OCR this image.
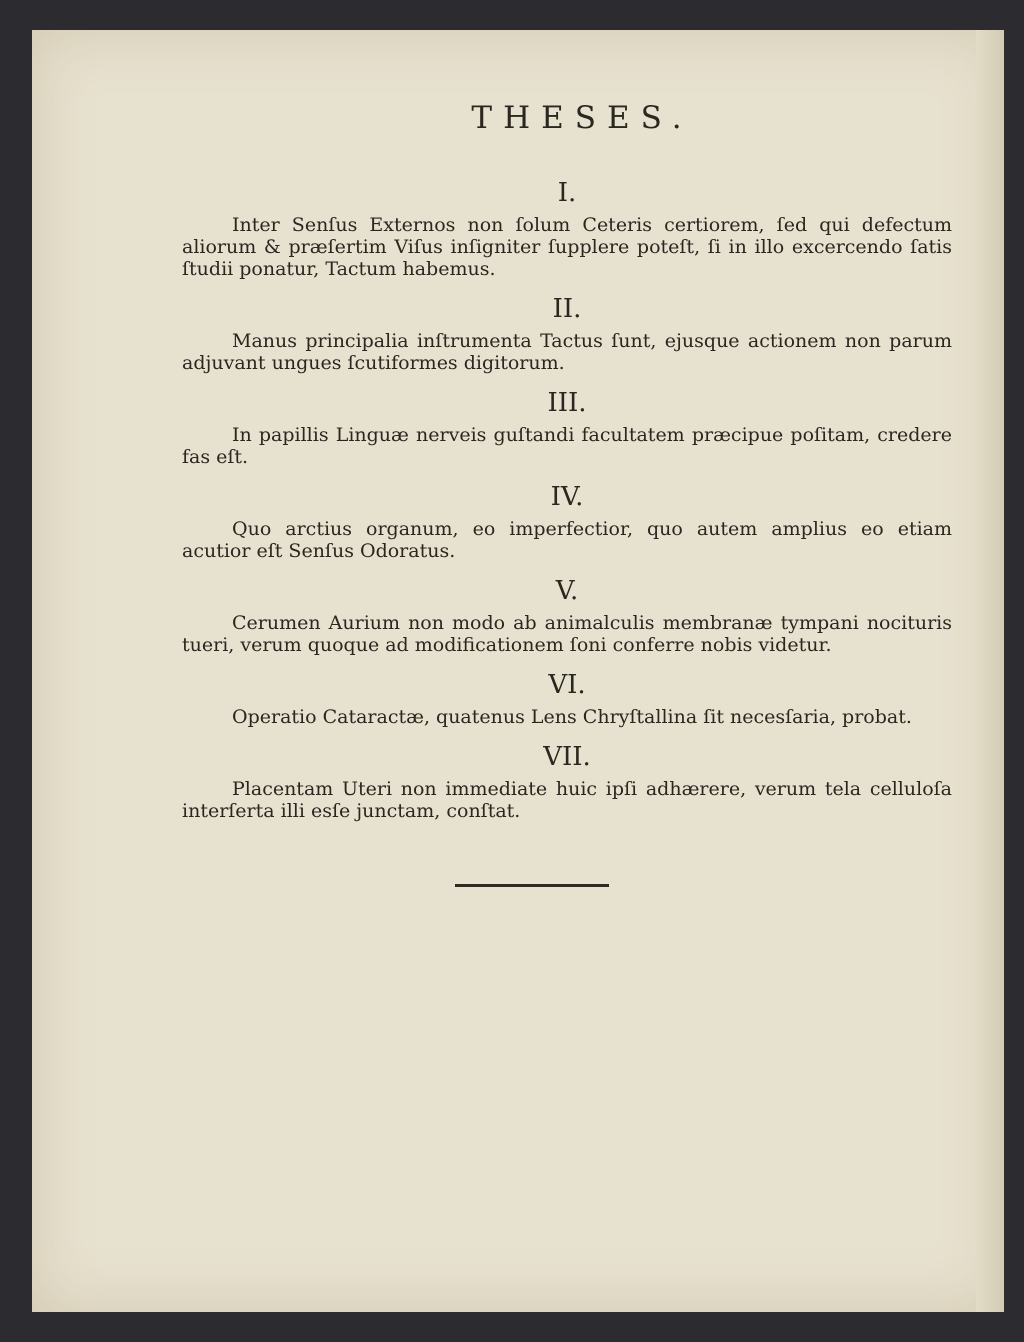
THESES.
I.

Inter Senſus Externos non ſolum Ceteris certiorem, ſed qui defectum aliorum & præſertim Viſus inſigniter ſupplere poteſt, ſi in illo excercendo ſatis ſtudii ponatur, Tactum habemus.

II.

Manus principalia inſtrumenta Tactus ſunt, ejusque actionem non parum adjuvant ungues ſcutiformes digitorum.

III.

In papillis Linguæ nerveis guſtandi facultatem præcipue poſitam, credere fas eſt.

IV.

Quo arctius organum, eo imperfectior, quo autem amplius eo etiam acutior eſt Senſus Odoratus.

V.

Cerumen Aurium non modo ab animalculis membranæ tympani nocituris tueri, verum quoque ad modificationem ſoni conferre nobis videtur.

VI.

Operatio Cataractæ, quatenus Lens Chryſtallina ſit necesſaria, probat.

VII.

Placentam Uteri non immediate huic ipſi adhærere, verum tela celluloſa interſerta illi esſe junctam, conſtat.
